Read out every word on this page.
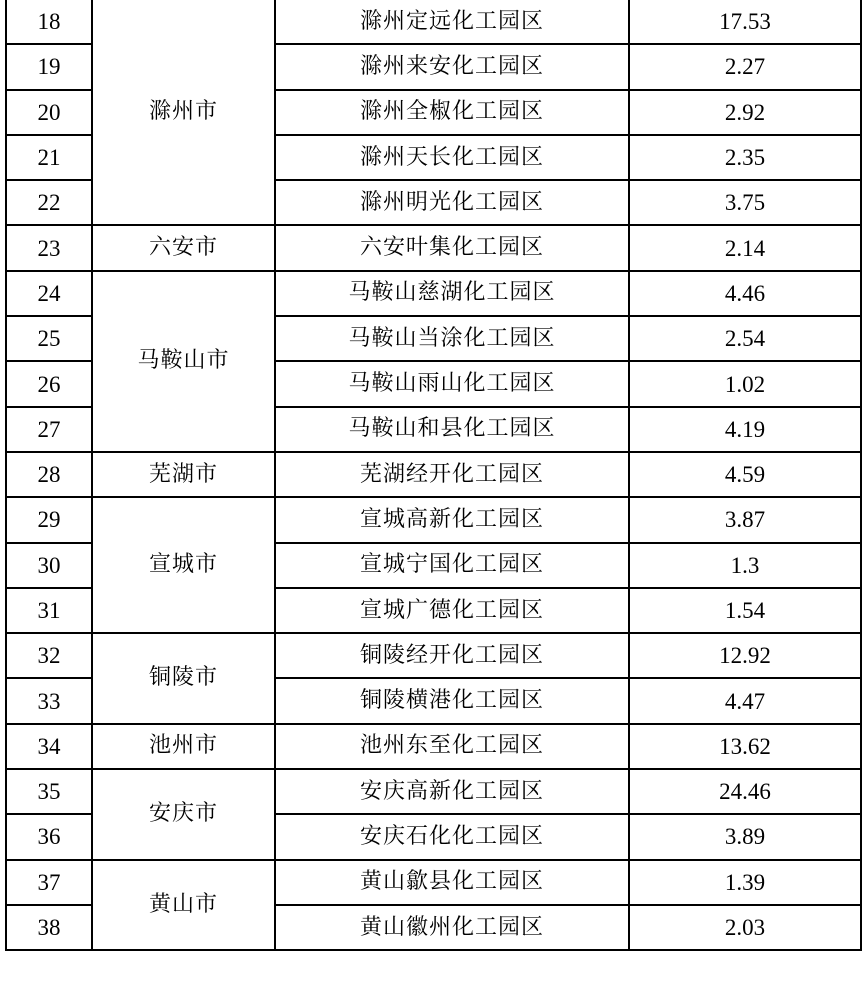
18	滁州市	滁州定远化工园区	17.53
19		滁州来安化工园区	2.27
20		滁州全椒化工园区	2.92
21		滁州天长化工园区	2.35
22		滁州明光化工园区	3.75
23	六安市	六安叶集化工园区	2.14
24	马鞍山市	马鞍山慈湖化工园区	4.46
25		马鞍山当涂化工园区	2.54
26		马鞍山雨山化工园区	1.02
27		马鞍山和县化工园区	4.19
28	芜湖市	芜湖经开化工园区	4.59
29	宣城市	宣城高新化工园区	3.87
30		宣城宁国化工园区	1.3
31		宣城广德化工园区	1.54
32	铜陵市	铜陵经开化工园区	12.92
33		铜陵横港化工园区	4.47
34	池州市	池州东至化工园区	13.62
35	安庆市	安庆高新化工园区	24.46
36		安庆石化化工园区	3.89
37	黄山市	黄山歙县化工园区	1.39
38		黄山徽州化工园区	2.03
